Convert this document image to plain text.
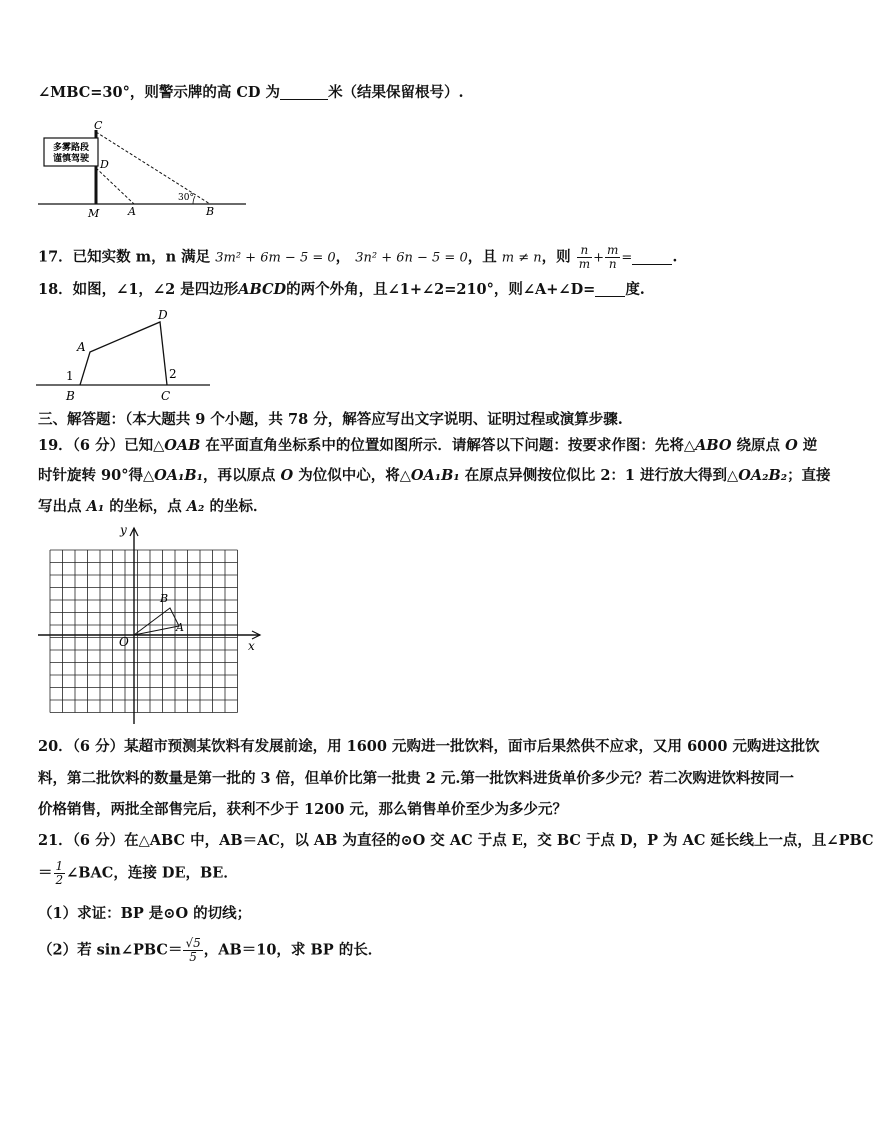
∠MBC=30°，则警示牌的高 CD 为	米（结果保留根号）.
多雾路段
谨慎驾驶
30°
C
D
M	A	B
17．已知实数 m，n 满足 3m² + 6m − 5 = 0， 3n² + 6n − 5 = 0，且 m ≠ n，则 $\frac{n}{m} + \frac{m}{n}$ =	.
18．如图，∠1，∠2 是四边形ABCD的两个外角，且∠1+∠2=210°，则∠A+∠D= 度.
A
D
1	2
B	C
三、解答题：（本大题共 9 个小题，共 78 分，解答应写出文字说明、证明过程或演算步骤.
19．（6 分）已知△OAB 在平面直角坐标系中的位置如图所示．请解答以下问题：按要求作图：先将△ABO 绕原点 O 逆
时针旋转 90°得△OA₁B₁，再以原点 O 为位似中心，将△OA₁B₁ 在原点异侧按位似比 2：1 进行放大得到△OA₂B₂；直接
写出点 A₁ 的坐标，点 A₂ 的坐标．
y
x
O
A
B
20．（6 分）某超市预测某饮料有发展前途，用 1600 元购进一批饮料，面市后果然供不应求，又用 6000 元购进这批饮
料，第二批饮料的数量是第一批的 3 倍，但单价比第一批贵 2 元.第一批饮料进货单价多少元？若二次购进饮料按同一
价格销售，两批全部售完后，获利不少于 1200 元，那么销售单价至少为多少元？
21．（6 分）在△ABC 中，AB＝AC，以 AB 为直径的⊙O 交 AC 于点 E，交 BC 于点 D，P 为 AC 延长线上一点，且∠PBC
＝ $\frac{1}{2}$ ∠BAC，连接 DE，BE．
（1）求证：BP 是⊙O 的切线；
（2）若 sin∠PBC＝ $\frac{√5}{5}$ ，AB＝10，求 BP 的长．
